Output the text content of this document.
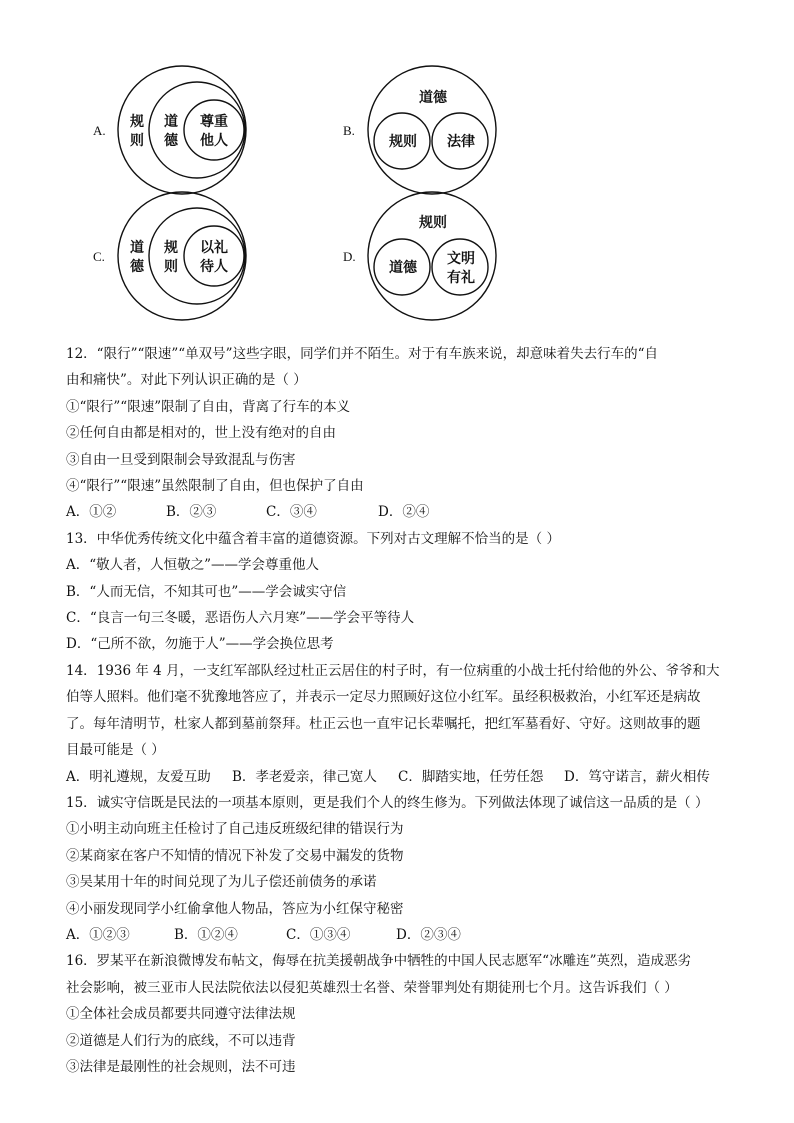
A.
规
则
道
德
尊重
他人
B.
道德
规则 法律
C.
道
德
规
则
以礼
待人
D.
规则
道德
文明
有礼
12．“限行”“限速”“单双号”这些字眼，同学们并不陌生。对于有车族来说，却意味着失去行车的“自
由和痛快”。对此下列认识正确的是（ ）
①“限行”“限速”限制了自由，背离了行车的本义
②任何自由都是相对的，世上没有绝对的自由
③自由一旦受到限制会导致混乱与伤害
④“限行”“限速”虽然限制了自由，但也保护了自由
A．①②	B．②③	C．③④	D．②④
13．中华优秀传统文化中蕴含着丰富的道德资源。下列对古文理解不恰当的是（ ）
A．“敬人者，人恒敬之”——学会尊重他人
B．“人而无信，不知其可也”——学会诚实守信
C．“良言一句三冬暖，恶语伤人六月寒”——学会平等待人
D．“己所不欲，勿施于人”——学会换位思考
14．1936 年 4 月，一支红军部队经过杜正云居住的村子时，有一位病重的小战士托付给他的外公、爷爷和大
伯等人照料。他们毫不犹豫地答应了，并表示一定尽力照顾好这位小红军。虽经积极救治，小红军还是病故
了。每年清明节，杜家人都到墓前祭拜。杜正云也一直牢记长辈嘱托，把红军墓看好、守好。这则故事的题
目最可能是（ ）
A．明礼遵规，友爱互助	B．孝老爱亲，律己宽人	C．脚踏实地，任劳任怨	D．笃守诺言，薪火相传
15．诚实守信既是民法的一项基本原则，更是我们个人的终生修为。下列做法体现了诚信这一品质的是（ ）
①小明主动向班主任检讨了自己违反班级纪律的错误行为
②某商家在客户不知情的情况下补发了交易中漏发的货物
③吴某用十年的时间兑现了为儿子偿还前债务的承诺
④小丽发现同学小红偷拿他人物品，答应为小红保守秘密
A．①②③	B．①②④	C．①③④	D．②③④
16．罗某平在新浪微博发布帖文，侮辱在抗美援朝战争中牺牲的中国人民志愿军“冰雕连”英烈，造成恶劣
社会影响，被三亚市人民法院依法以侵犯英雄烈士名誉、荣誉罪判处有期徒刑七个月。这告诉我们（ ）
①全体社会成员都要共同遵守法律法规
②道德是人们行为的底线，不可以违背
③法律是最刚性的社会规则，法不可违
